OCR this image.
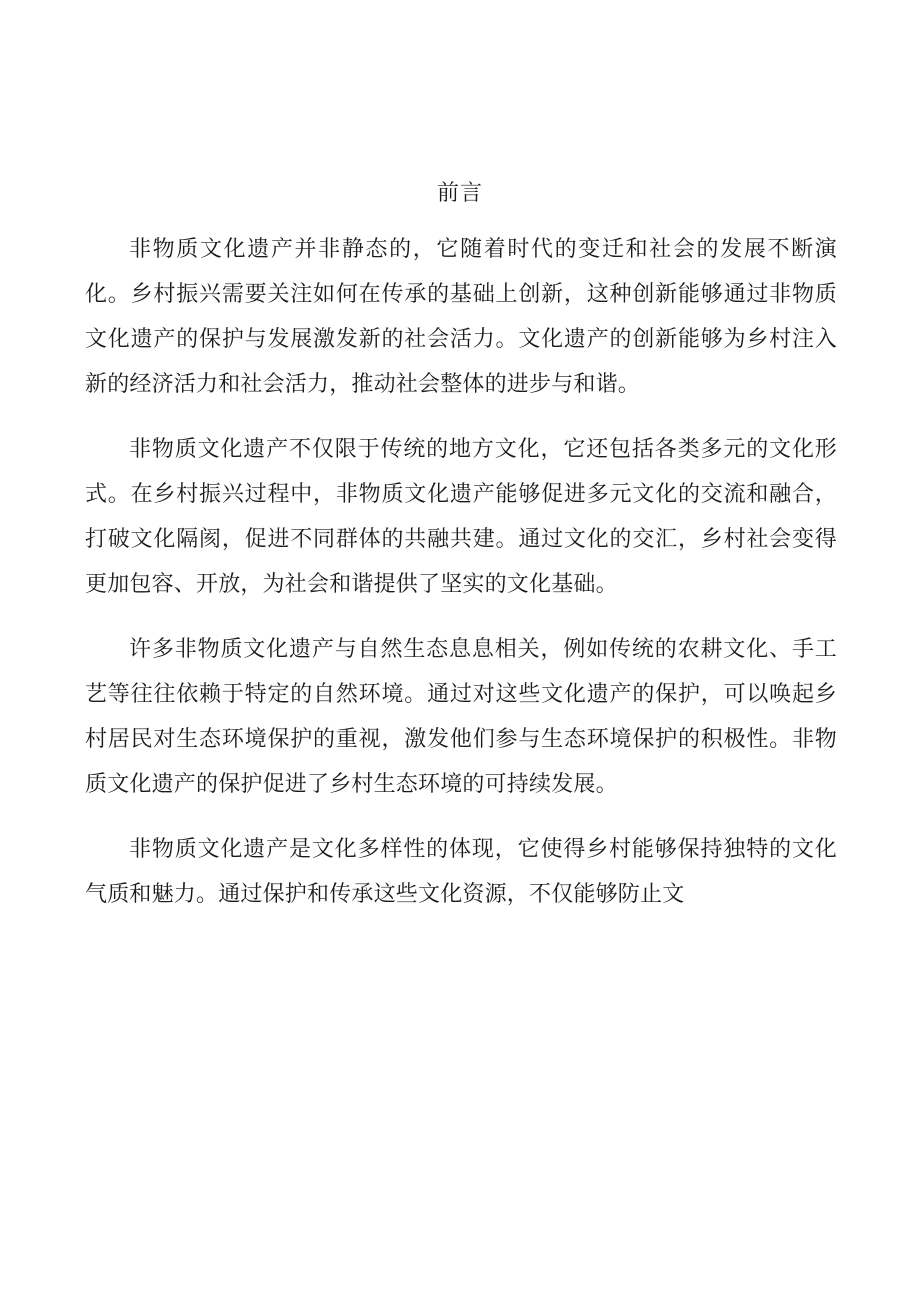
前言

非物质文化遗产并非静态的，它随着时代的变迁和社会的发展不断演化。乡村振兴需要关注如何在传承的基础上创新，这种创新能够通过非物质文化遗产的保护与发展激发新的社会活力。文化遗产的创新能够为乡村注入新的经济活力和社会活力，推动社会整体的进步与和谐。

非物质文化遗产不仅限于传统的地方文化，它还包括各类多元的文化形式。在乡村振兴过程中，非物质文化遗产能够促进多元文化的交流和融合，打破文化隔阂，促进不同群体的共融共建。通过文化的交汇，乡村社会变得更加包容、开放，为社会和谐提供了坚实的文化基础。

许多非物质文化遗产与自然生态息息相关，例如传统的农耕文化、手工艺等往往依赖于特定的自然环境。通过对这些文化遗产的保护，可以唤起乡村居民对生态环境保护的重视，激发他们参与生态环境保护的积极性。非物质文化遗产的保护促进了乡村生态环境的可持续发展。

非物质文化遗产是文化多样性的体现，它使得乡村能够保持独特的文化气质和魅力。通过保护和传承这些文化资源，不仅能够防止文
